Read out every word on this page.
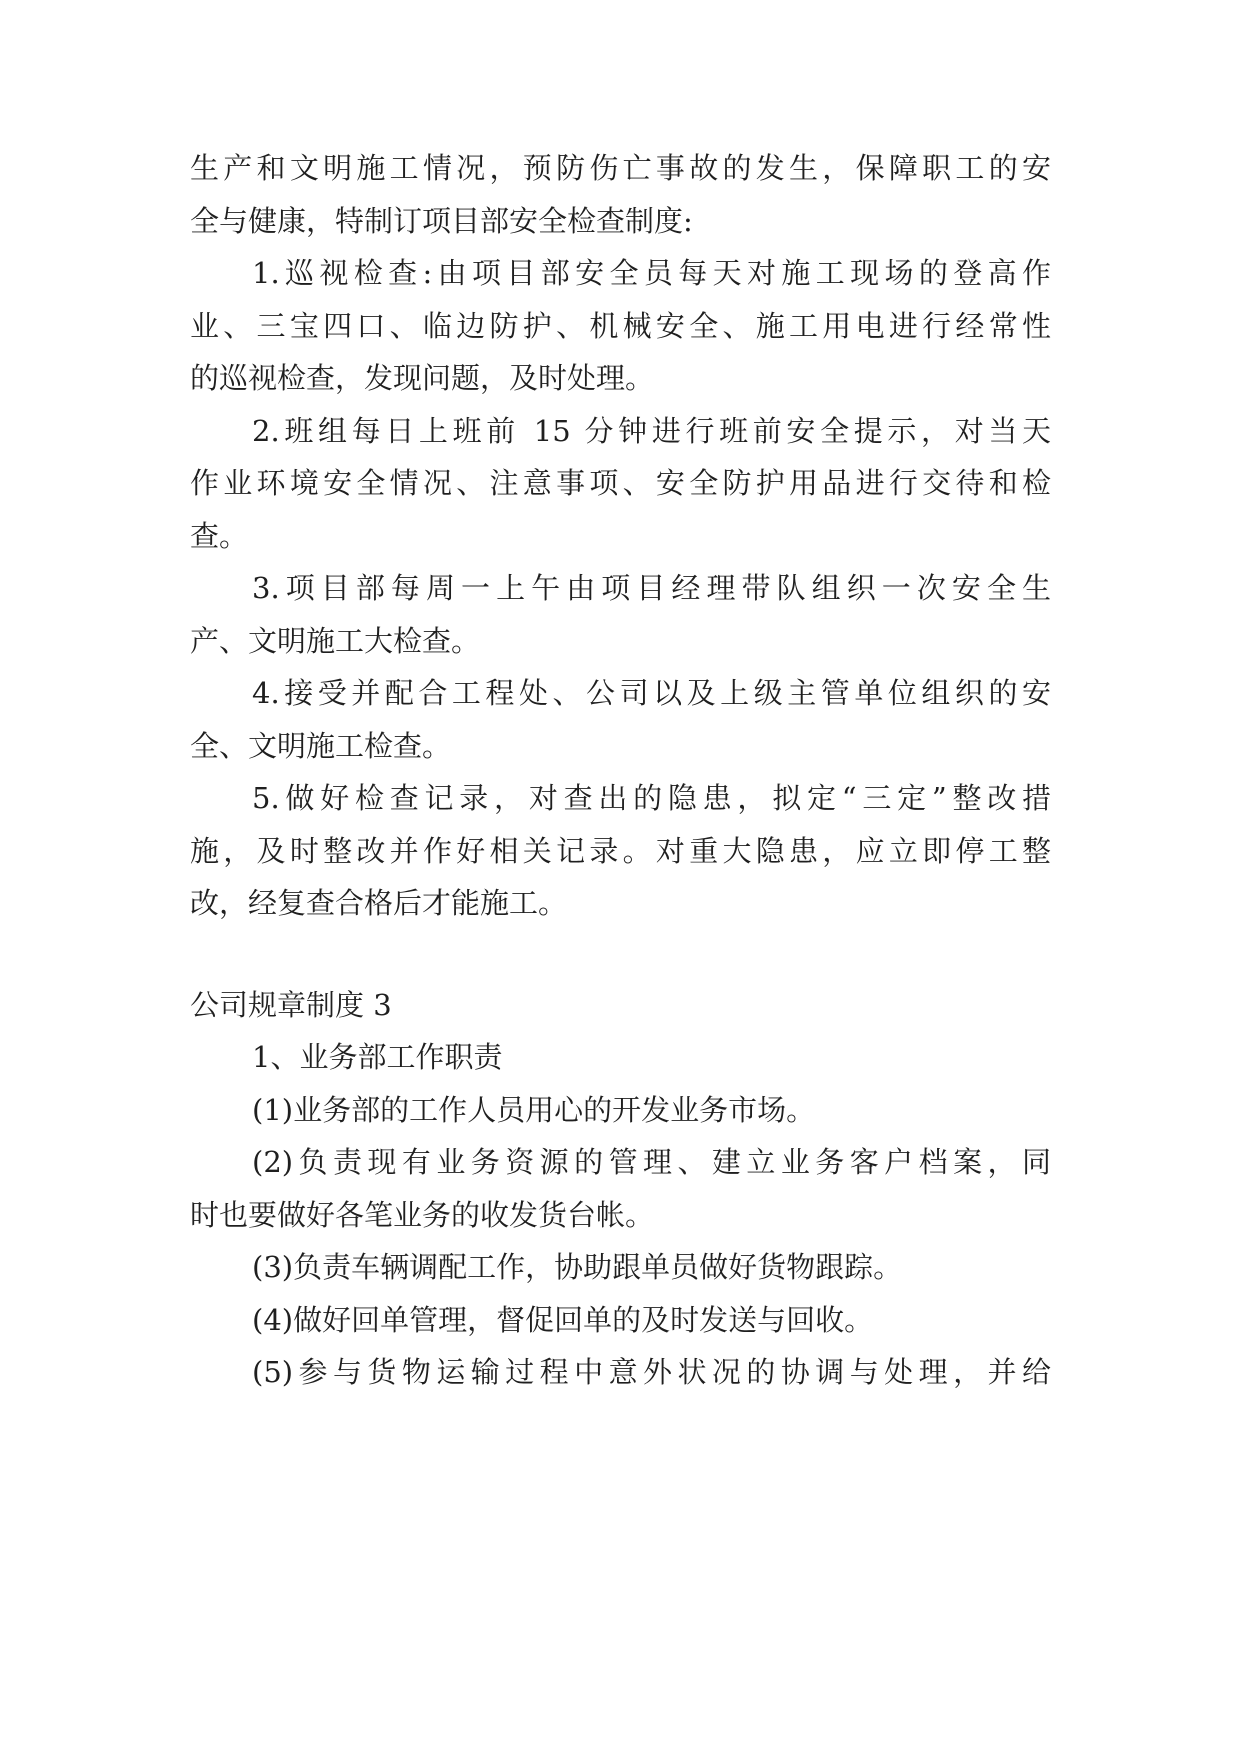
生产和文明施工情况，预防伤亡事故的发生，保障职工的安
全与健康，特制订项目部安全检查制度:
1.巡视检查:由项目部安全员每天对施工现场的登高作
业、三宝四口、临边防护、机械安全、施工用电进行经常性
的巡视检查，发现问题，及时处理。
2.班组每日上班前 15 分钟进行班前安全提示，对当天
作业环境安全情况、注意事项、安全防护用品进行交待和检
查。
3.项目部每周一上午由项目经理带队组织一次安全生
产、文明施工大检查。
4.接受并配合工程处、公司以及上级主管单位组织的安
全、文明施工检查。
5.做好检查记录，对查出的隐患，拟定“三定”整改措
施，及时整改并作好相关记录。对重大隐患，应立即停工整
改，经复查合格后才能施工。
公司规章制度 3
1、业务部工作职责
(1)业务部的工作人员用心的开发业务市场。
(2)负责现有业务资源的管理、建立业务客户档案，同
时也要做好各笔业务的收发货台帐。
(3)负责车辆调配工作，协助跟单员做好货物跟踪。
(4)做好回单管理，督促回单的及时发送与回收。
(5)参与货物运输过程中意外状况的协调与处理，并给
